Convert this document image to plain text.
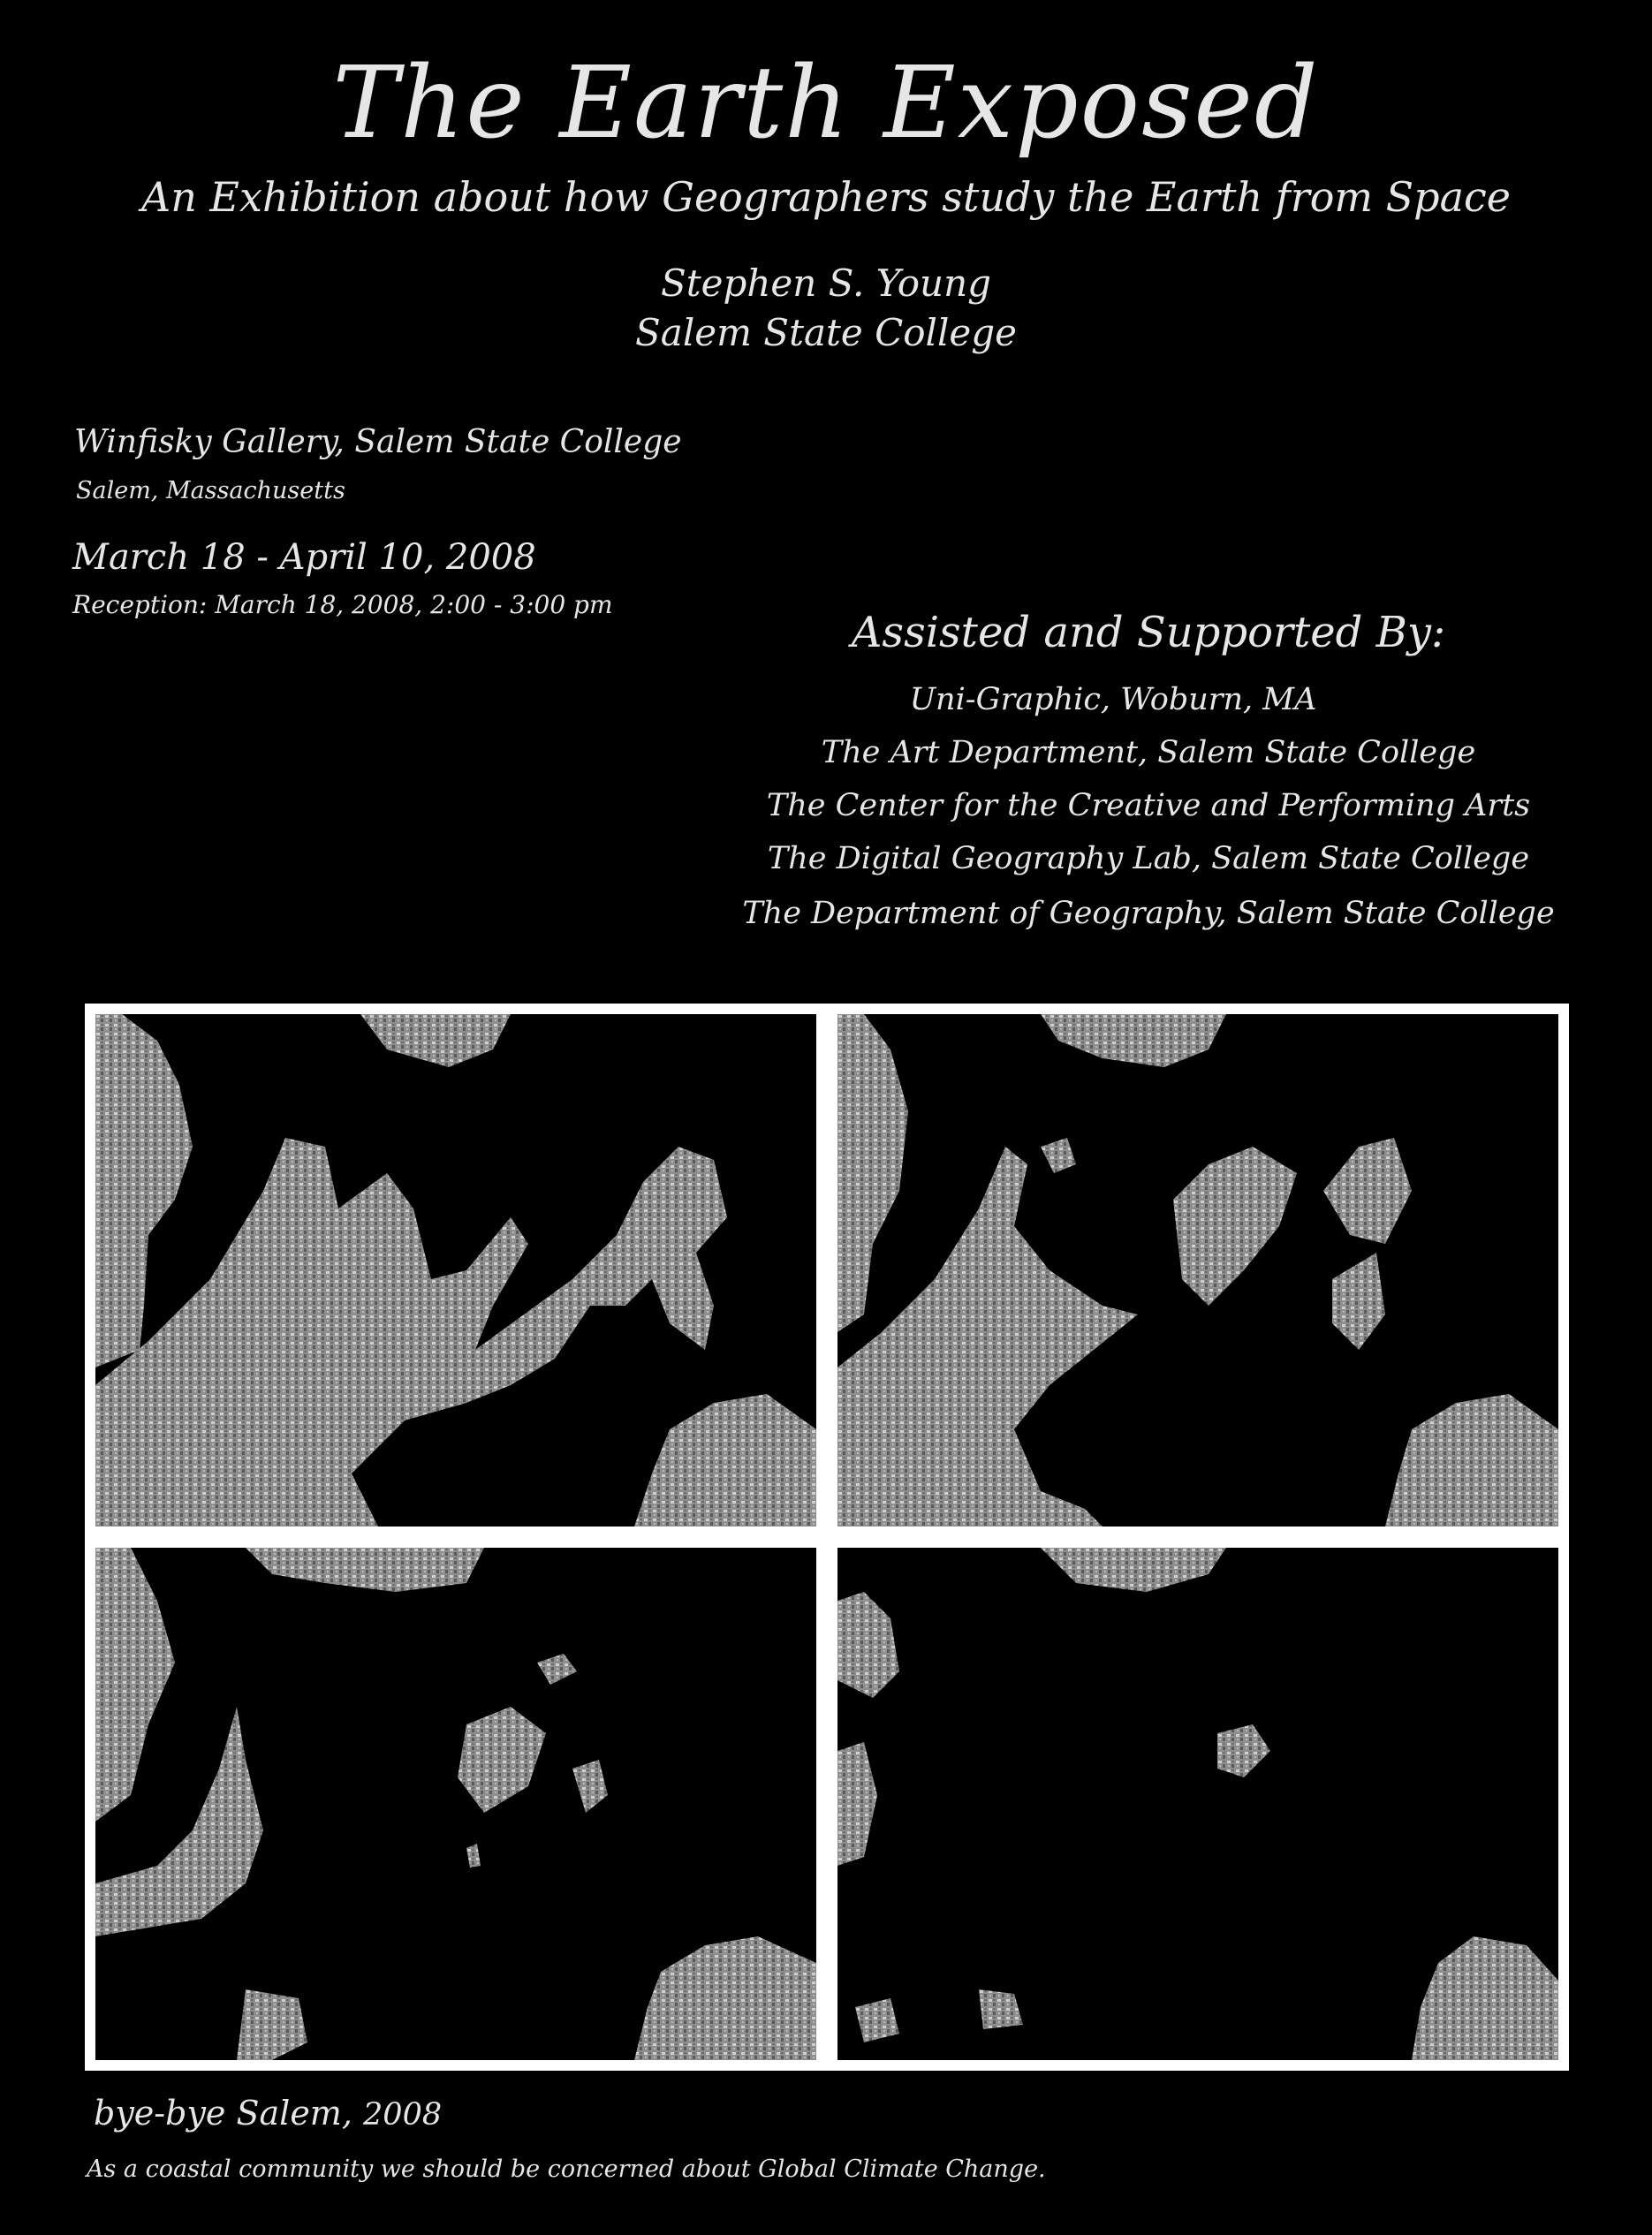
The Earth Exposed
An Exhibition about how Geographers study the Earth from Space
Stephen S. Young
Salem State College
Winfisky Gallery, Salem State College
Salem, Massachusetts
March 18 - April 10, 2008
Reception: March 18, 2008, 2:00 - 3:00 pm
Assisted and Supported By:
Uni-Graphic, Woburn, MA
The Art Department, Salem State College
The Center for the Creative and Performing Arts
The Digital Geography Lab, Salem State College
The Department of Geography, Salem State College
bye-bye Salem, 2008
As a coastal community we should be concerned about Global Climate Change.
